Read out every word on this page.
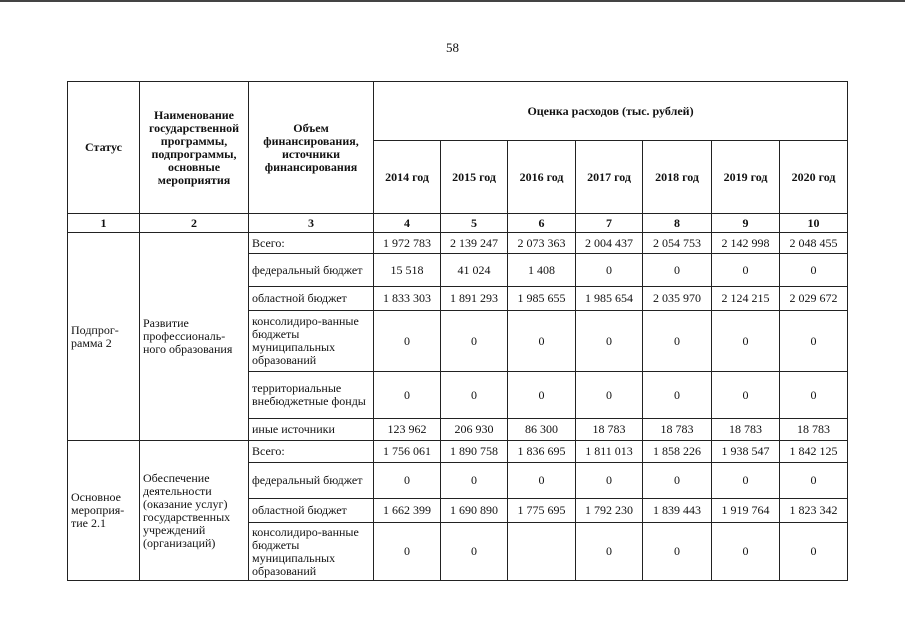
58
Статус	Наименование государственной программы, подпрограммы, основные мероприятия	Объем финансирования, источники финансирования	Оценка расходов (тыс. рублей)						
			2014 год	2015 год	2016 год	2017 год	2018 год	2019 год	2020 год
1	2	3	4	5	6	7	8	9	10
Подпрог-рамма 2	Развитие профессиональ-ного образования	Всего:	1 972 783	2 139 247	2 073 363	2 004 437	2 054 753	2 142 998	2 048 455
		федеральный бюджет	15 518	41 024	1 408	0	0	0	0
		областной бюджет	1 833 303	1 891 293	1 985 655	1 985 654	2 035 970	2 124 215	2 029 672
		консолидиро-ванные бюджеты муниципальных образований	0	0	0	0	0	0	0
		территориальные внебюджетные фонды	0	0	0	0	0	0	0
		иные источники	123 962	206 930	86 300	18 783	18 783	18 783	18 783
Основное мероприя-тие 2.1	Обеспечение деятельности (оказание услуг) государственных учреждений (организаций)	Всего:	1 756 061	1 890 758	1 836 695	1 811 013	1 858 226	1 938 547	1 842 125
		федеральный бюджет	0	0	0	0	0	0	0
		областной бюджет	1 662 399	1 690 890	1 775 695	1 792 230	1 839 443	1 919 764	1 823 342
		консолидиро-ванные бюджеты муниципальных образований	0	0		0	0	0	0
